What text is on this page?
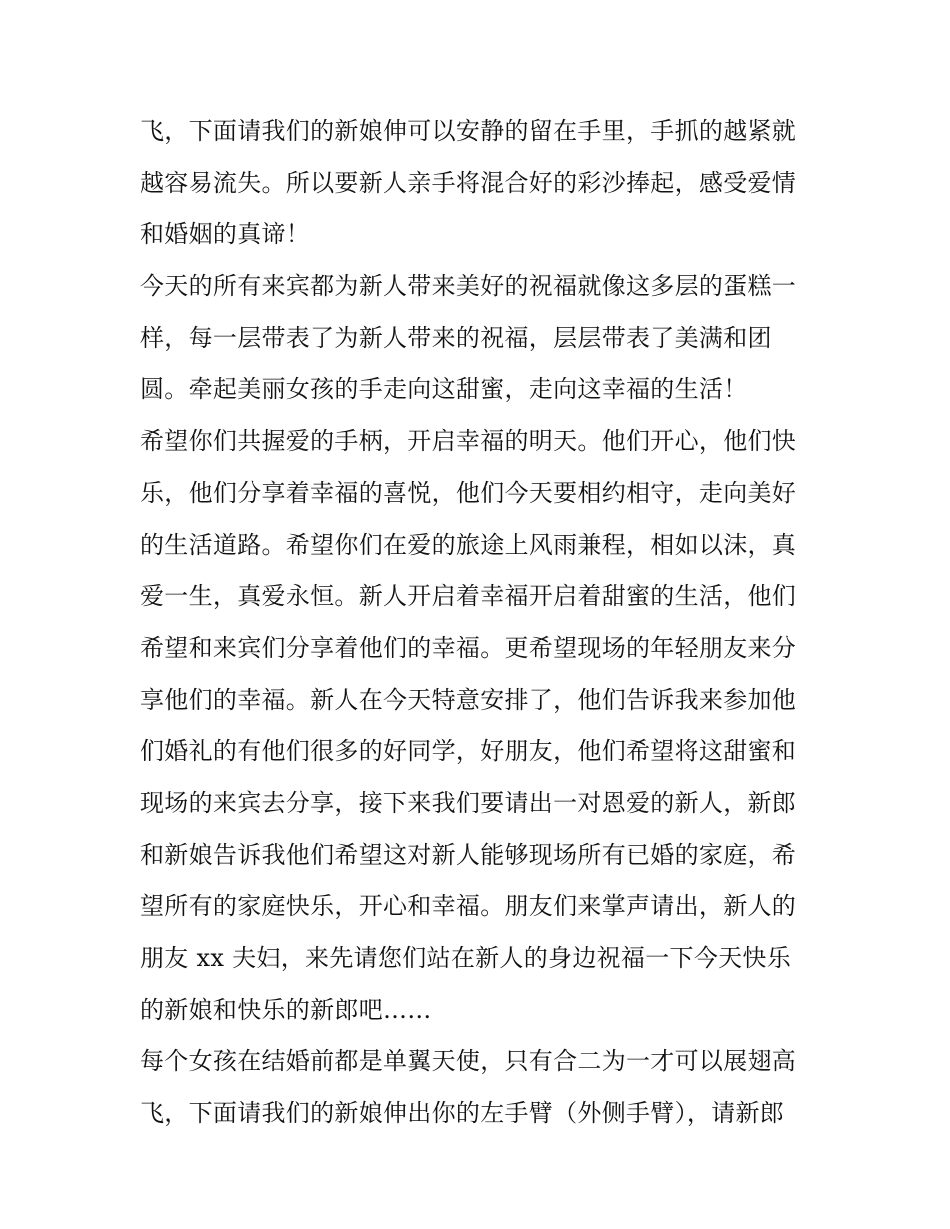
飞，下面请我们的新娘伸可以安静的留在手里，手抓的越紧就
越容易流失。所以要新人亲手将混合好的彩沙捧起，感受爱情
和婚姻的真谛！
今天的所有来宾都为新人带来美好的祝福就像这多层的蛋糕一
样，每一层带表了为新人带来的祝福，层层带表了美满和团
圆。牵起美丽女孩的手走向这甜蜜，走向这幸福的生活！
希望你们共握爱的手柄，开启幸福的明天。他们开心，他们快
乐，他们分享着幸福的喜悦，他们今天要相约相守，走向美好
的生活道路。希望你们在爱的旅途上风雨兼程，相如以沫，真
爱一生，真爱永恒。新人开启着幸福开启着甜蜜的生活，他们
希望和来宾们分享着他们的幸福。更希望现场的年轻朋友来分
享他们的幸福。新人在今天特意安排了，他们告诉我来参加他
们婚礼的有他们很多的好同学，好朋友，他们希望将这甜蜜和
现场的来宾去分享，接下来我们要请出一对恩爱的新人，新郎
和新娘告诉我他们希望这对新人能够现场所有已婚的家庭，希
望所有的家庭快乐，开心和幸福。朋友们来掌声请出，新人的
朋友 xx 夫妇，来先请您们站在新人的身边祝福一下今天快乐
的新娘和快乐的新郎吧……
每个女孩在结婚前都是单翼天使，只有合二为一才可以展翅高
飞，下面请我们的新娘伸出你的左手臂（外侧手臂），请新郎
